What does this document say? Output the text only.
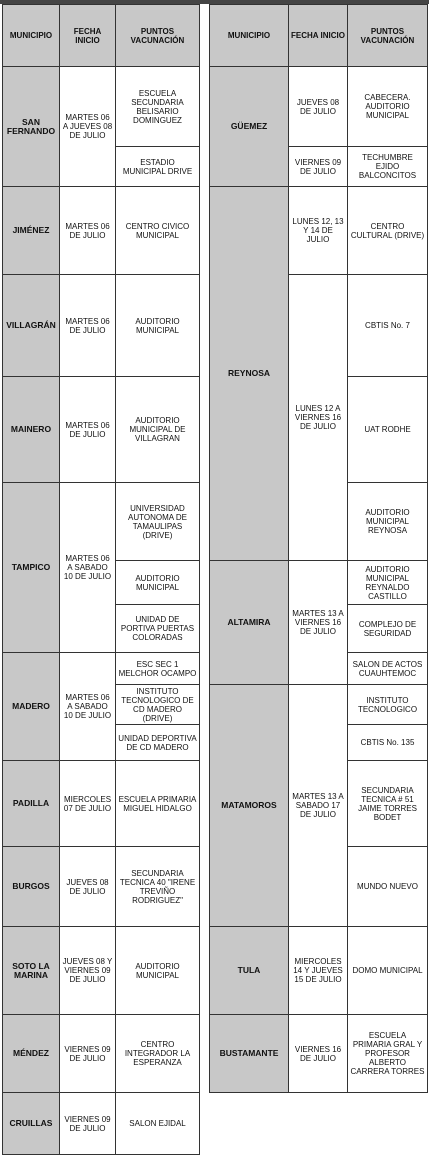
MUNICIPIO	FECHA INICIO	PUNTOS VACUNACIÓN
SAN FERNANDO	MARTES 06 A JUEVES 08 DE JULIO	ESCUELA SECUNDARIA BELISARIO DOMINGUEZ
		ESTADIO MUNICIPAL DRIVE
JIMÉNEZ	MARTES 06 DE JULIO	CENTRO CIVICO MUNICIPAL
VILLAGRÁN	MARTES 06 DE JULIO	AUDITORIO MUNICIPAL
MAINERO	MARTES 06 DE JULIO	AUDITORIO MUNICIPAL DE VILLAGRAN
TAMPICO	MARTES 06 A SABADO 10 DE JULIO	UNIVERSIDAD AUTONOMA DE TAMAULIPAS (DRIVE)
		AUDITORIO MUNICIPAL
		UNIDAD DE PORTIVA PUERTAS COLORADAS
MADERO	MARTES 06 A SABADO 10 DE JULIO	ESC SEC 1 MELCHOR OCAMPO
		INSTITUTO TECNOLOGICO DE CD MADERO (DRIVE)
		UNIDAD DEPORTIVA DE CD MADERO
PADILLA	MIERCOLES 07 DE JULIO	ESCUELA PRIMARIA MIGUEL HIDALGO
BURGOS	JUEVES 08 DE JULIO	SECUNDARIA TECNICA 40 "IRENE TREVIÑO RODRIGUEZ"
SOTO LA MARINA	JUEVES 08 Y VIERNES 09 DE JULIO	AUDITORIO MUNICIPAL
MÉNDEZ	VIERNES 09 DE JULIO	CENTRO INTEGRADOR LA ESPERANZA
CRUILLAS	VIERNES 09 DE JULIO	SALON EJIDAL
MUNICIPIO	FECHA INICIO	PUNTOS VACUNACIÓN
GÜEMEZ	JUEVES 08 DE JULIO	CABECERA. AUDITORIO MUNICIPAL
	VIERNES 09 DE JULIO	TECHUMBRE EJIDO BALCONCITOS
REYNOSA	LUNES 12, 13 Y 14 DE JULIO	CENTRO CULTURAL (DRIVE)
	LUNES 12 A VIERNES 16 DE JULIO	CBTIS No. 7
		UAT RODHE
		AUDITORIO MUNICIPAL REYNOSA
ALTAMIRA	MARTES 13 A VIERNES 16 DE JULIO	AUDITORIO MUNICIPAL REYNALDO CASTILLO
		COMPLEJO DE SEGURIDAD
		SALON DE ACTOS CUAUHTEMOC
MATAMOROS	MARTES 13 A SABADO 17 DE JULIO	INSTITUTO TECNOLOGICO
		CBTIS No. 135
		SECUNDARIA TECNICA # 51 JAIME TORRES BODET
		MUNDO NUEVO
TULA	MIERCOLES 14 Y JUEVES 15 DE JULIO	DOMO MUNICIPAL
BUSTAMANTE	VIERNES 16 DE JULIO	ESCUELA PRIMARIA GRAL Y PROFESOR ALBERTO CARRERA TORRES
